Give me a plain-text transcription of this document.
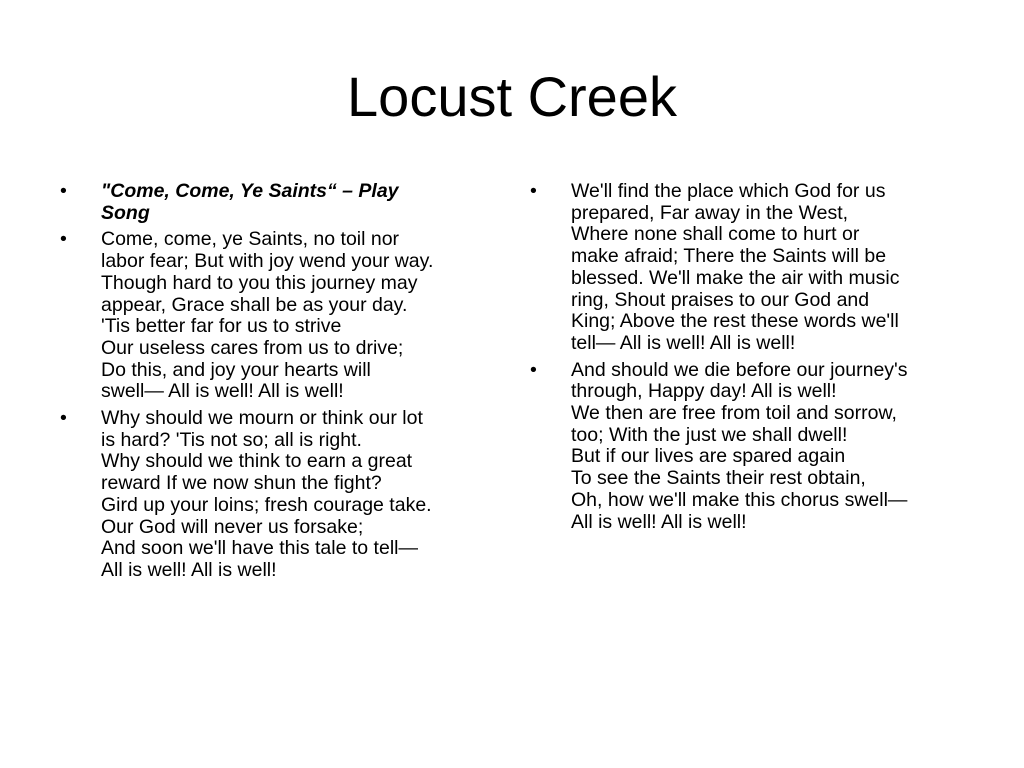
Locust Creek
•	"Come, Come, Ye Saints“ – Play
Song
•	Come, come, ye Saints, no toil nor
labor fear; But with joy wend your way.
Though hard to you this journey may
appear, Grace shall be as your day.
'Tis better far for us to strive
Our useless cares from us to drive;
Do this, and joy your hearts will
swell— All is well! All is well!
•	Why should we mourn or think our lot
is hard? 'Tis not so; all is right.
Why should we think to earn a great
reward If we now shun the fight?
Gird up your loins; fresh courage take.
Our God will never us forsake;
And soon we'll have this tale to tell—
All is well! All is well!
•	We'll find the place which God for us
prepared, Far away in the West,
Where none shall come to hurt or
make afraid; There the Saints will be
blessed. We'll make the air with music
ring, Shout praises to our God and
King; Above the rest these words we'll
tell— All is well! All is well!
•	And should we die before our journey's
through, Happy day! All is well!
We then are free from toil and sorrow,
too; With the just we shall dwell!
But if our lives are spared again
To see the Saints their rest obtain,
Oh, how we'll make this chorus swell—
All is well! All is well!
